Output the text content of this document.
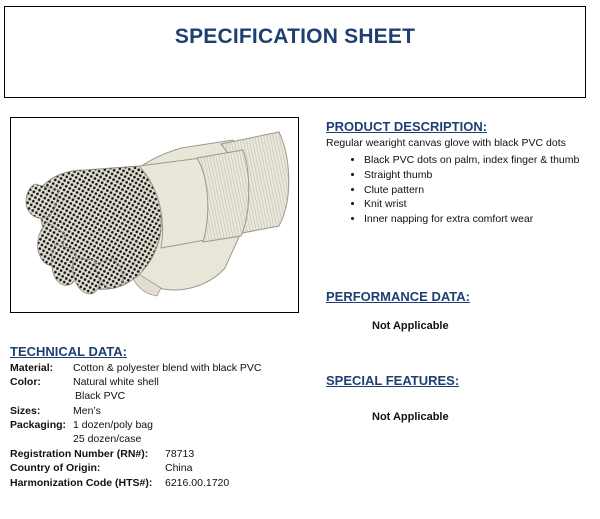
SPECIFICATION SHEET
PRODUCT DESCRIPTION:
Regular wearight canvas glove with black PVC dots
• Black PVC dots on palm, index finger & thumb
• Straight thumb
• Clute pattern
• Knit wrist
• Inner napping for extra comfort wear
PERFORMANCE DATA:
Not Applicable
SPECIAL FEATURES:
Not Applicable
TECHNICAL DATA:
Material: Cotton & polyester blend with black PVC
Color:	Natural white shell
Black PVC
Sizes:	Men’s
Packaging: 1 dozen/poly bag
25 dozen/case
Registration Number (RN#): 78713
Country of Origin:	China
Harmonization Code (HTS#): 6216.00.1720
